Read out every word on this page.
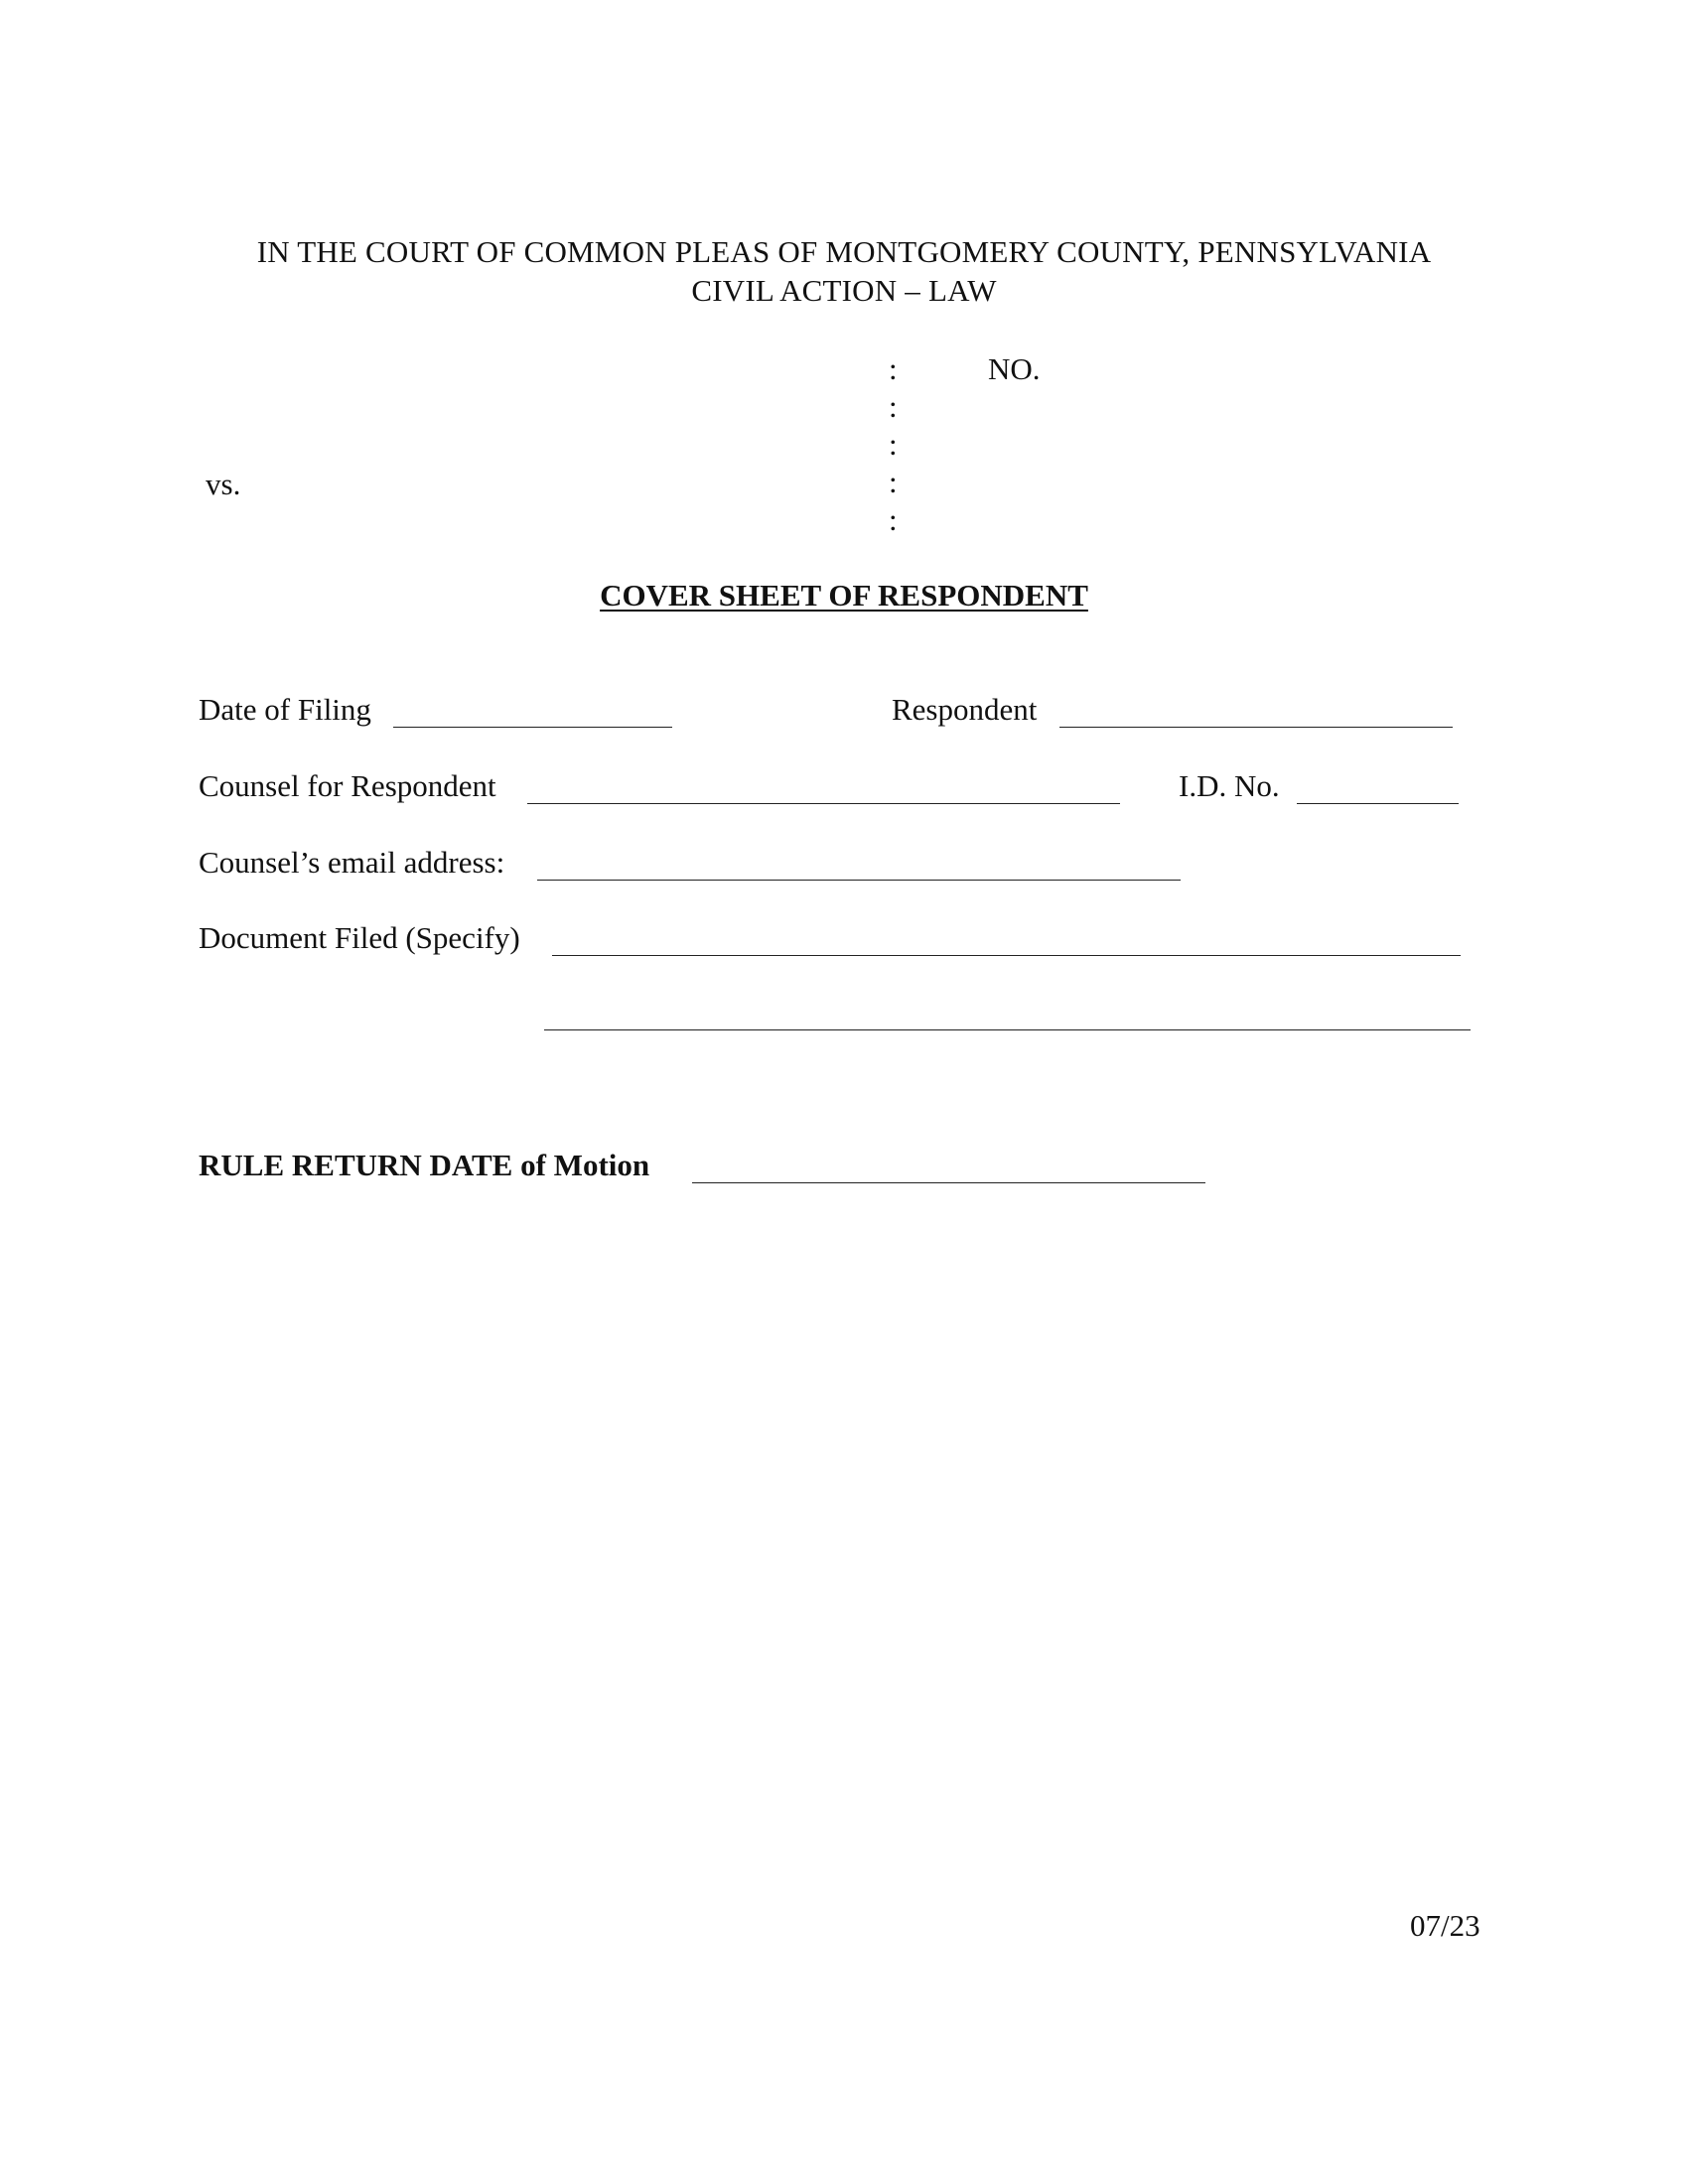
IN THE COURT OF COMMON PLEAS OF MONTGOMERY COUNTY, PENNSYLVANIA
CIVIL ACTION – LAW
:
:
:
:
:
NO.
vs.
COVER SHEET OF RESPONDENT
Date of Filing	Respondent
Counsel for Respondent	I.D. No.
Counsel’s email address:
Document Filed (Specify)
RULE RETURN DATE of Motion
07/23
